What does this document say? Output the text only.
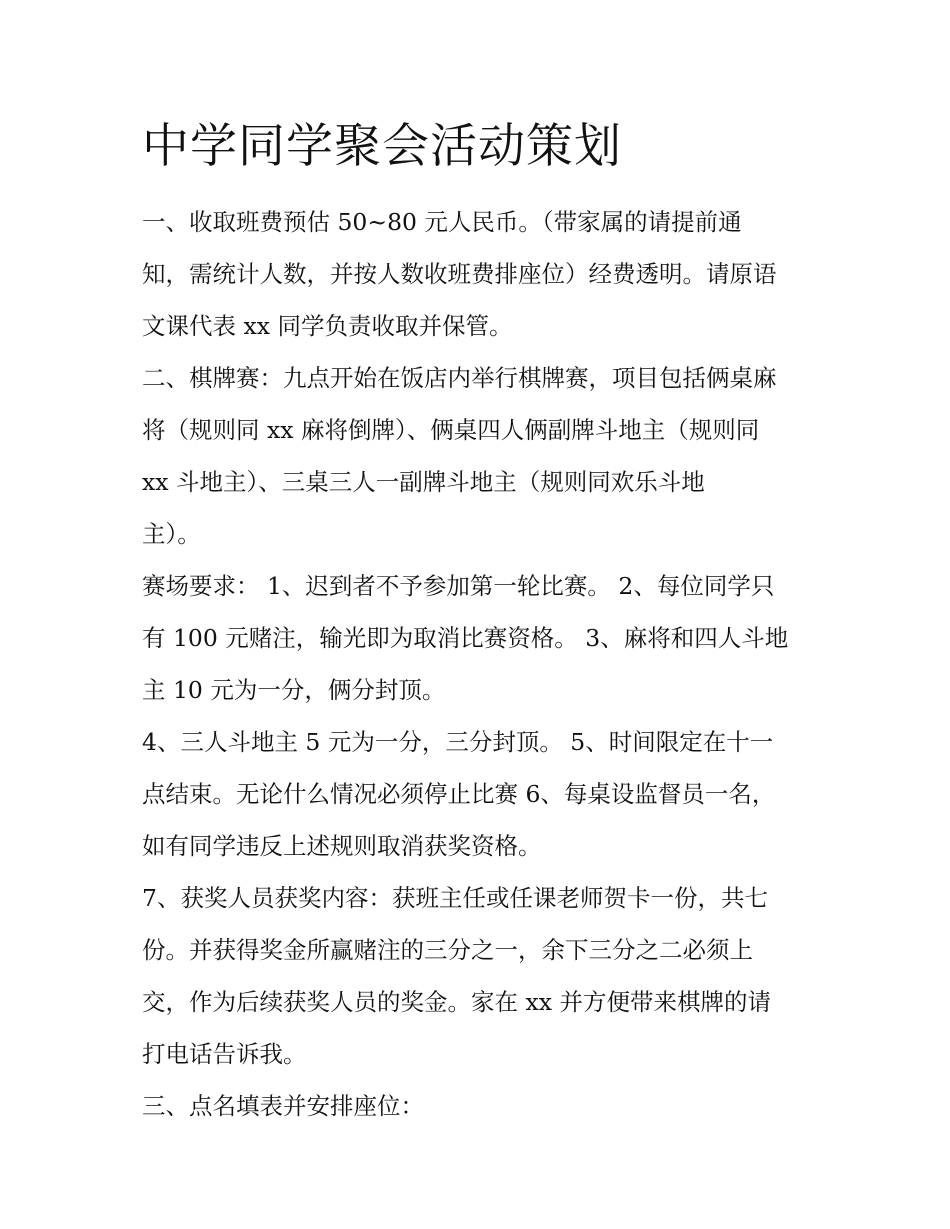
中学同学聚会活动策划

一、收取班费预估 50~80 元人民币。（带家属的请提前通

知，需统计人数，并按人数收班费排座位）经费透明。请原语

文课代表 xx 同学负责收取并保管。

二、棋牌赛：九点开始在饭店内举行棋牌赛，项目包括俩桌麻

将（规则同 xx 麻将倒牌）、俩桌四人俩副牌斗地主（规则同

xx 斗地主）、三桌三人一副牌斗地主（规则同欢乐斗地

主）。

赛场要求： 1、迟到者不予参加第一轮比赛。 2、每位同学只

有 100 元赌注，输光即为取消比赛资格。 3、麻将和四人斗地

主 10 元为一分，俩分封顶。

4、三人斗地主 5 元为一分，三分封顶。 5、时间限定在十一

点结束。无论什么情况必须停止比赛 6、每桌设监督员一名，

如有同学违反上述规则取消获奖资格。

7、获奖人员获奖内容：获班主任或任课老师贺卡一份，共七

份。并获得奖金所赢赌注的三分之一，余下三分之二必须上

交，作为后续获奖人员的奖金。家在 xx 并方便带来棋牌的请

打电话告诉我。

三、点名填表并安排座位：
